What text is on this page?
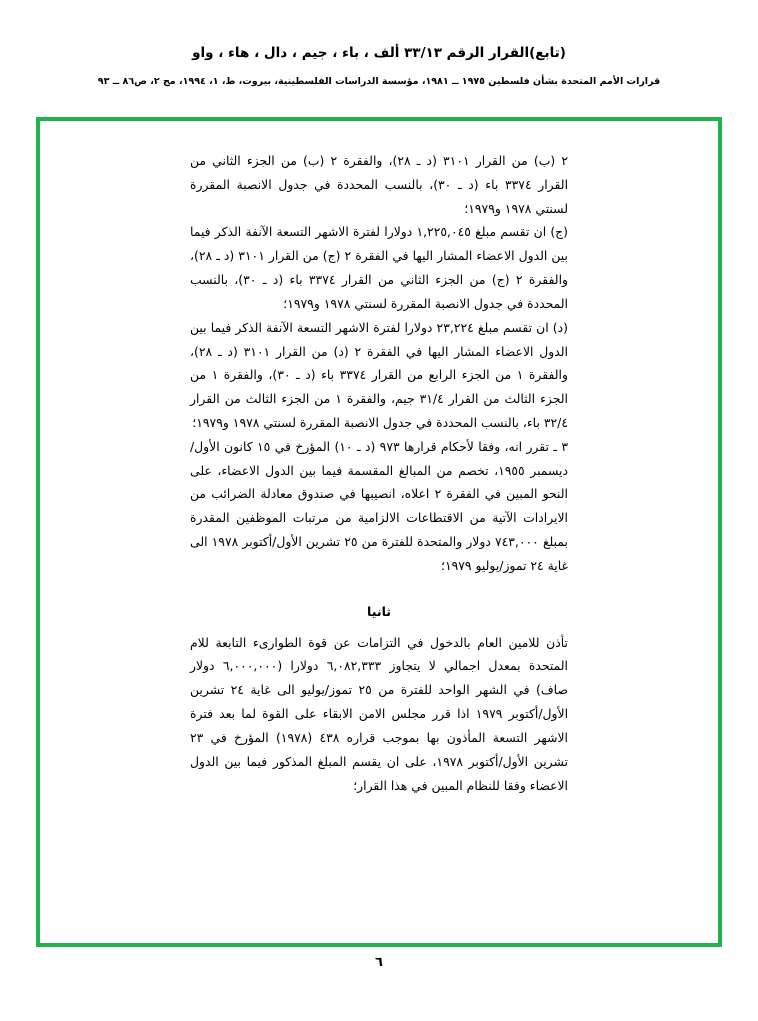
(تابع)القرار الرقم ٣٣/١٣ ألف ، باء ، جيم ، دال ، هاء ، واو
قرارات الأمم المتحدة بشأن فلسطين ١٩٧٥ ــ ١٩٨١، مؤسسة الدراسات الفلسطينية، بيروت، ط، ١، ١٩٩٤، مج ٢، ص٨٦ ــ ٩٣

٢ (ب) من القرار ٣١٠١ (د ـ ٢٨)، والفقرة ٢ (ب) من الجزء الثاني من القرار ٣٣٧٤ باء (د ـ ٣٠)، بالنسب المحددة في جدول الانصبة المقررة لسنتي ١٩٧٨ و١٩٧٩؛

(ج) ان تقسم مبلغ ١,٢٢٥,٠٤٥ دولارا لفترة الاشهر التسعة الآنفة الذكر فيما بين الدول الاعضاء المشار اليها في الفقرة ٢ (ج) من القرار ٣١٠١ (د ـ ٢٨)، والفقرة ٢ (ج) من الجزء الثاني من القرار ٣٣٧٤ باء (د ـ ٣٠)، بالنسب المحددة في جدول الانصبة المقررة لسنتي ١٩٧٨ و١٩٧٩؛

(د) ان تقسم مبلغ ٢٣,٢٢٤ دولارا لفترة الاشهر التسعة الآنفة الذكر فيما بين الدول الاعضاء المشار اليها في الفقرة ٢ (د) من القرار ٣١٠١ (د ـ ٢٨)، والفقرة ١ من الجزء الرابع من القرار ٣٣٧٤ باء (د ـ ٣٠)، والفقرة ١ من الجزء الثالث من القرار ٣١/٤ جيم، والفقرة ١ من الجزء الثالث من القرار ٣٢/٤ باء، بالنسب المحددة في جدول الانصبة المقررة لسنتي ١٩٧٨ و١٩٧٩؛

٣ ـ تقرر انه، وفقا لأحكام قرارها ٩٧٣ (د ـ ١٠) المؤرخ في ١٥ كانون الأول/ديسمبر ١٩٥٥، تخصم من المبالغ المقسمة فيما بين الدول الاعضاء، على النحو المبين في الفقرة ٢ اعلاه، انصيبها في صندوق معادلة الضرائب من الايرادات الآتية من الاقتطاعات الالزامية من مرتبات الموظفين المقدرة بمبلغ ٧٤٣,٠٠٠ دولار والمتحدة للفترة من ٢٥ تشرين الأول/أكتوبر ١٩٧٨ الى غاية ٢٤ تموز/يوليو ١٩٧٩؛

ثانيا

تأذن للامين العام بالدخول في التزامات عن قوة الطوارىء التابعة للام المتحدة بمعدل اجمالي لا يتجاوز ٦,٠٨٢,٣٣٣ دولارا (٦,٠٠٠,٠٠٠ دولار صاف) في الشهر الواحد للفترة من ٢٥ تموز/يوليو الى غاية ٢٤ تشرين الأول/أكتوبر ١٩٧٩ اذا قرر مجلس الامن الابقاء على القوة لما بعد فترة الاشهر التسعة المأذون بها بموجب قراره ٤٣٨ (١٩٧٨) المؤرخ في ٢٣ تشرين الأول/أكتوبر ١٩٧٨، على ان يقسم المبلغ المذكور فيما بين الدول الاعضاء وفقا للنظام المبين في هذا القرار؛

٦
